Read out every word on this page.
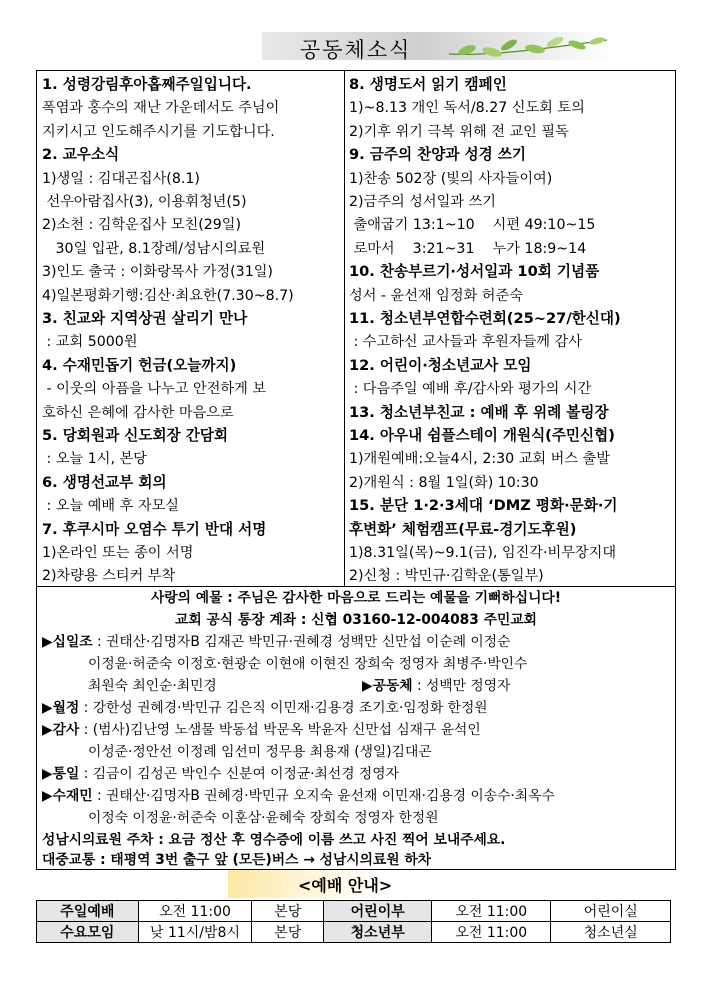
공동체소식
1. 성령강림후아홉째주일입니다.
폭염과 홍수의 재난 가운데서도 주님이
지키시고 인도해주시기를 기도합니다.
2. 교우소식
1)생일 : 김대곤집사(8.1)
선우아람집사(3), 이용휘청년(5)
2)소천 : 김학운집사 모친(29일)
30일 입관, 8.1장례/성남시의료원
3)인도 출국 : 이화랑목사 가정(31일)
4)일본평화기행:김산·최요한(7.30~8.7)
3. 친교와 지역상권 살리기 만나
: 교회 5000원
4. 수재민돕기 헌금(오늘까지)
- 이웃의 아픔을 나누고 안전하게 보
호하신 은혜에 감사한 마음으로
5. 당회원과 신도회장 간담회
: 오늘 1시, 본당
6. 생명선교부 회의
: 오늘 예배 후 자모실
7. 후쿠시마 오염수 투기 반대 서명
1)온라인 또는 종이 서명
2)차량용 스티커 부착
8. 생명도서 읽기 캠페인
1)~8.13 개인 독서/8.27 신도회 토의
2)기후 위기 극복 위해 전 교인 필독
9. 금주의 찬양과 성경 쓰기
1)찬송 502장 (빛의 사자들이여)
2)금주의 성서일과 쓰기
출애굽기 13:1~10    시편 49:10~15
로마서    3:21~31    누가 18:9~14
10. 찬송부르기·성서일과 10회 기념품
성서 - 윤선재 임정화 허준숙
11. 청소년부연합수련회(25~27/한신대)
: 수고하신 교사들과 후원자들께 감사
12. 어린이·청소년교사 모임
: 다음주일 예배 후/감사와 평가의 시간
13. 청소년부친교 : 예배 후 위례 볼링장
14. 아우내 쉼플스테이 개원식(주민신협)
1)개원예배:오늘4시, 2:30 교회 버스 출발
2)개원식 : 8월 1일(화) 10:30
15. 분단 1·2·3세대 ‘DMZ 평화·문화·기
후변화’ 체험캠프(무료-경기도후원)
1)8.31일(목)~9.1(금), 임진각·비무장지대
2)신청 : 박민규·김학운(통일부)
사랑의 예물 : 주님은 감사한 마음으로 드리는 예물을 기뻐하십니다!
교회 공식 통장 계좌 : 신협 03160-12-004083 주민교회
▶십일조 : 권태산·김명자B 김재곤 박민규·권혜경 성백만 신만섭 이순례 이정순
이정윤·허준숙 이정호·현광순 이현애 이현진 장희숙 정영자 최병주·박인수
최원숙 최인순·최민경	▶공동체 : 성백만 정영자
▶월정 : 강한성 권혜경·박민규 김은직 이민재·김용경 조기호·임정화 한정원
▶감사 : (범사)김난영 노샘물 박동섭 박문옥 박윤자 신만섭 심재구 윤석인
이성준·정안선 이정례 임선미 정무용 최용재 (생일)김대곤
▶통일 : 김금이 김성곤 박인수 신분여 이정균·최선경 정영자
▶수재민 : 권태산·김명자B 권혜경·박민규 오지숙 윤선재 이민재·김용경 이송수·최옥수
이정숙 이정윤·허준숙 이훈삼·윤혜숙 장희숙 정영자 한정원
성남시의료원 주차 : 요금 정산 후 영수증에 이름 쓰고 사진 찍어 보내주세요.
대중교통 : 태평역 3번 출구 앞 (모든)버스 → 성남시의료원 하차
<예배 안내>
주일예배	오전 11:00	본당	어린이부	오전 11:00	어린이실
수요모임	낮 11시/밤8시	본당	청소년부	오전 11:00	청소년실
